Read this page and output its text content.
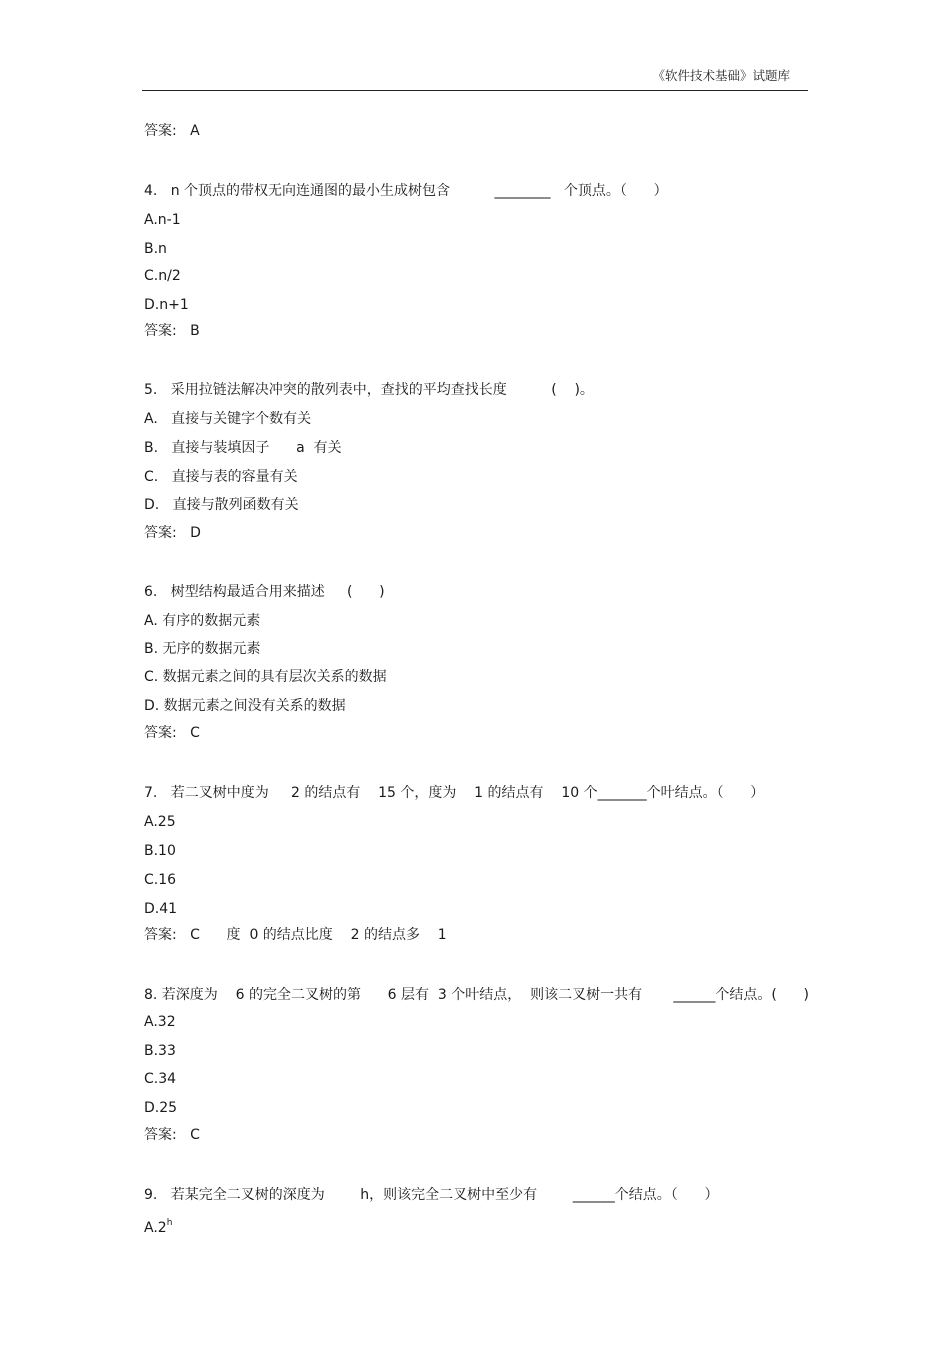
《软件技术基础》试题库
答案:   A
4.   n 个顶点的带权无向连通图的最小生成树包含          ________   个顶点。（      ）
A.n-1
B.n
C.n/2
D.n+1
答案:   B
5.   采用拉链法解决冲突的散列表中，查找的平均查找长度          (    )。
A.   直接与关键字个数有关
B.   直接与装填因子      a  有关
C.   直接与表的容量有关
D.   直接与散列函数有关
答案:   D
6.   树型结构最适合用来描述     (      )
A. 有序的数据元素
B. 无序的数据元素
C. 数据元素之间的具有层次关系的数据
D. 数据元素之间没有关系的数据
答案:   C
7.   若二叉树中度为     2 的结点有    15 个，度为    1 的结点有    10 个_______个叶结点。（      ）
A.25
B.10
C.16
D.41
答案:   C      度  0 的结点比度    2 的结点多    1
8. 若深度为    6 的完全二叉树的第      6 层有  3 个叶结点，  则该二叉树一共有       ______个结点。(      )
A.32
B.33
C.34
D.25
答案:   C
9.   若某完全二叉树的深度为        h，则该完全二叉树中至少有        ______个结点。（      ）
A.2$^h$
